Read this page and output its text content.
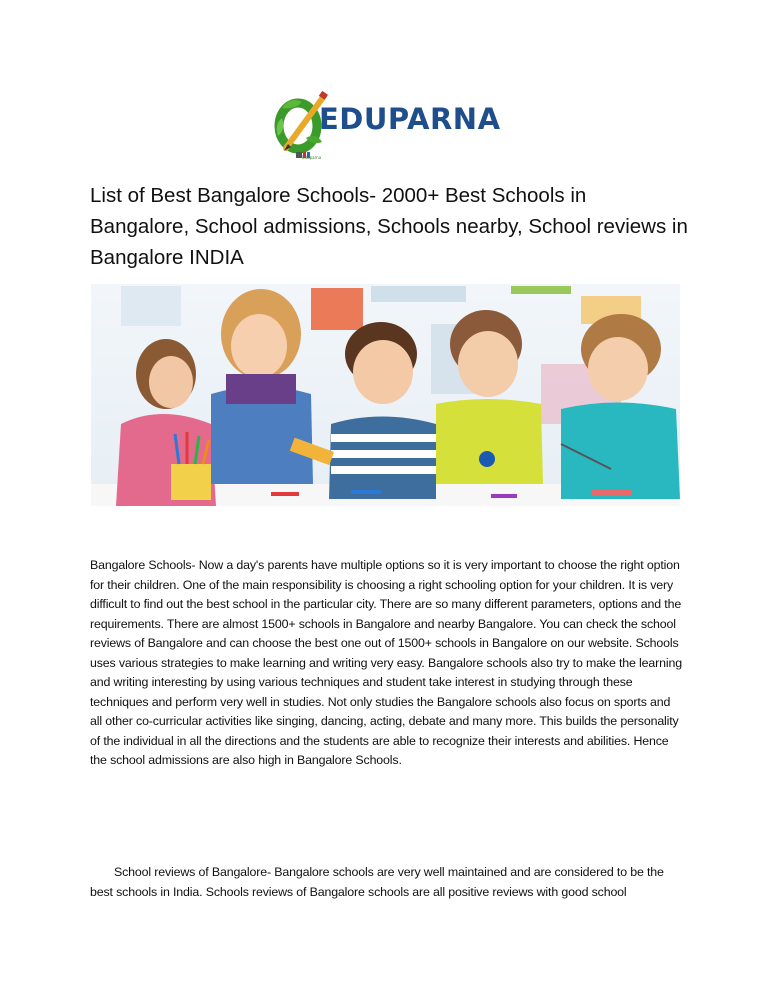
Eduparna
EDUPARNA
List of Best Bangalore Schools- 2000+ Best Schools in Bangalore, School admissions, Schools nearby, School reviews in Bangalore INDIA

Bangalore Schools- Now a day's parents have multiple options so it is very important to choose the right option for their children. One of the main responsibility is choosing a right schooling option for your children. It is very difficult to find out the best school in the particular city. There are so many different parameters, options and the requirements. There are almost 1500+ schools in Bangalore and nearby Bangalore. You can check the school reviews of Bangalore and can choose the best one out of 1500+ schools in Bangalore on our website. Schools uses various strategies to make learning and writing very easy. Bangalore schools also try to make the learning and writing interesting by using various techniques and student take interest in studying through these techniques and perform very well in studies. Not only studies the Bangalore schools also focus on sports and all other co-curricular activities like singing, dancing, acting, debate and many more. This builds the personality of the individual in all the directions and the students are able to recognize their interests and abilities. Hence the school admissions are also high in Bangalore Schools.

School reviews of Bangalore- Bangalore schools are very well maintained and are considered to be the best schools in India. Schools reviews of Bangalore schools are all positive reviews with good school
